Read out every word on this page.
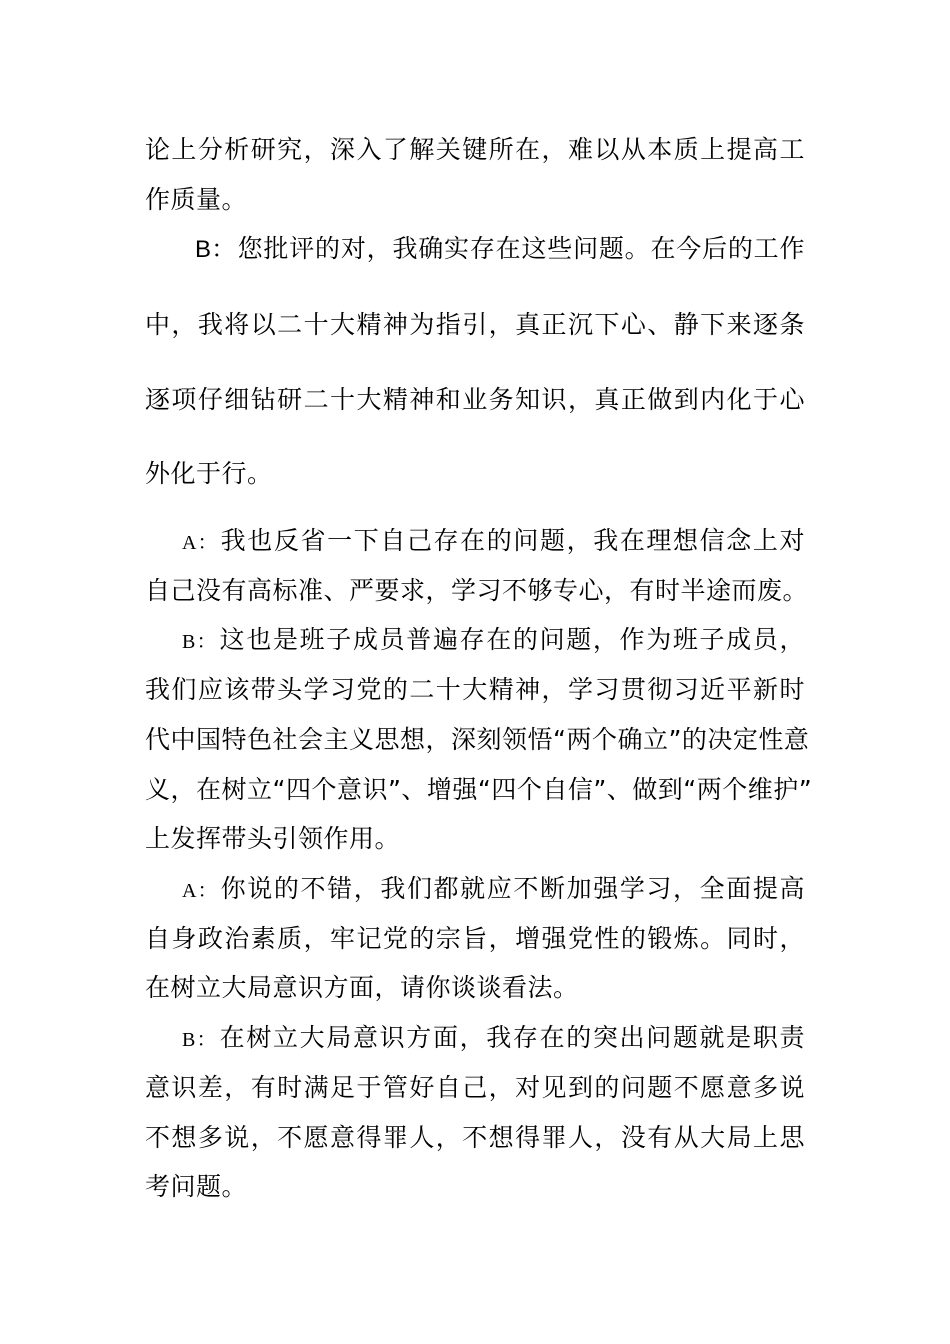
论上分析研究，深入了解关键所在，难以从本质上提高工
作质量。
B：您批评的对，我确实存在这些问题。在今后的工作
中，我将以二十大精神为指引，真正沉下心、静下来逐条
逐项仔细钻研二十大精神和业务知识，真正做到内化于心
外化于行。
A：我也反省一下自己存在的问题，我在理想信念上对
自己没有高标准、严要求，学习不够专心，有时半途而废。
B：这也是班子成员普遍存在的问题，作为班子成员，
我们应该带头学习党的二十大精神，学习贯彻习近平新时
代中国特色社会主义思想，深刻领悟“两个确立”的决定性意
义，在树立“四个意识”、增强“四个自信”、做到“两个维护”
上发挥带头引领作用。
A：你说的不错，我们都就应不断加强学习，全面提高
自身政治素质，牢记党的宗旨，增强党性的锻炼。同时，
在树立大局意识方面，请你谈谈看法。
B：在树立大局意识方面，我存在的突出问题就是职责
意识差，有时满足于管好自己，对见到的问题不愿意多说
不想多说，不愿意得罪人，不想得罪人，没有从大局上思
考问题。
